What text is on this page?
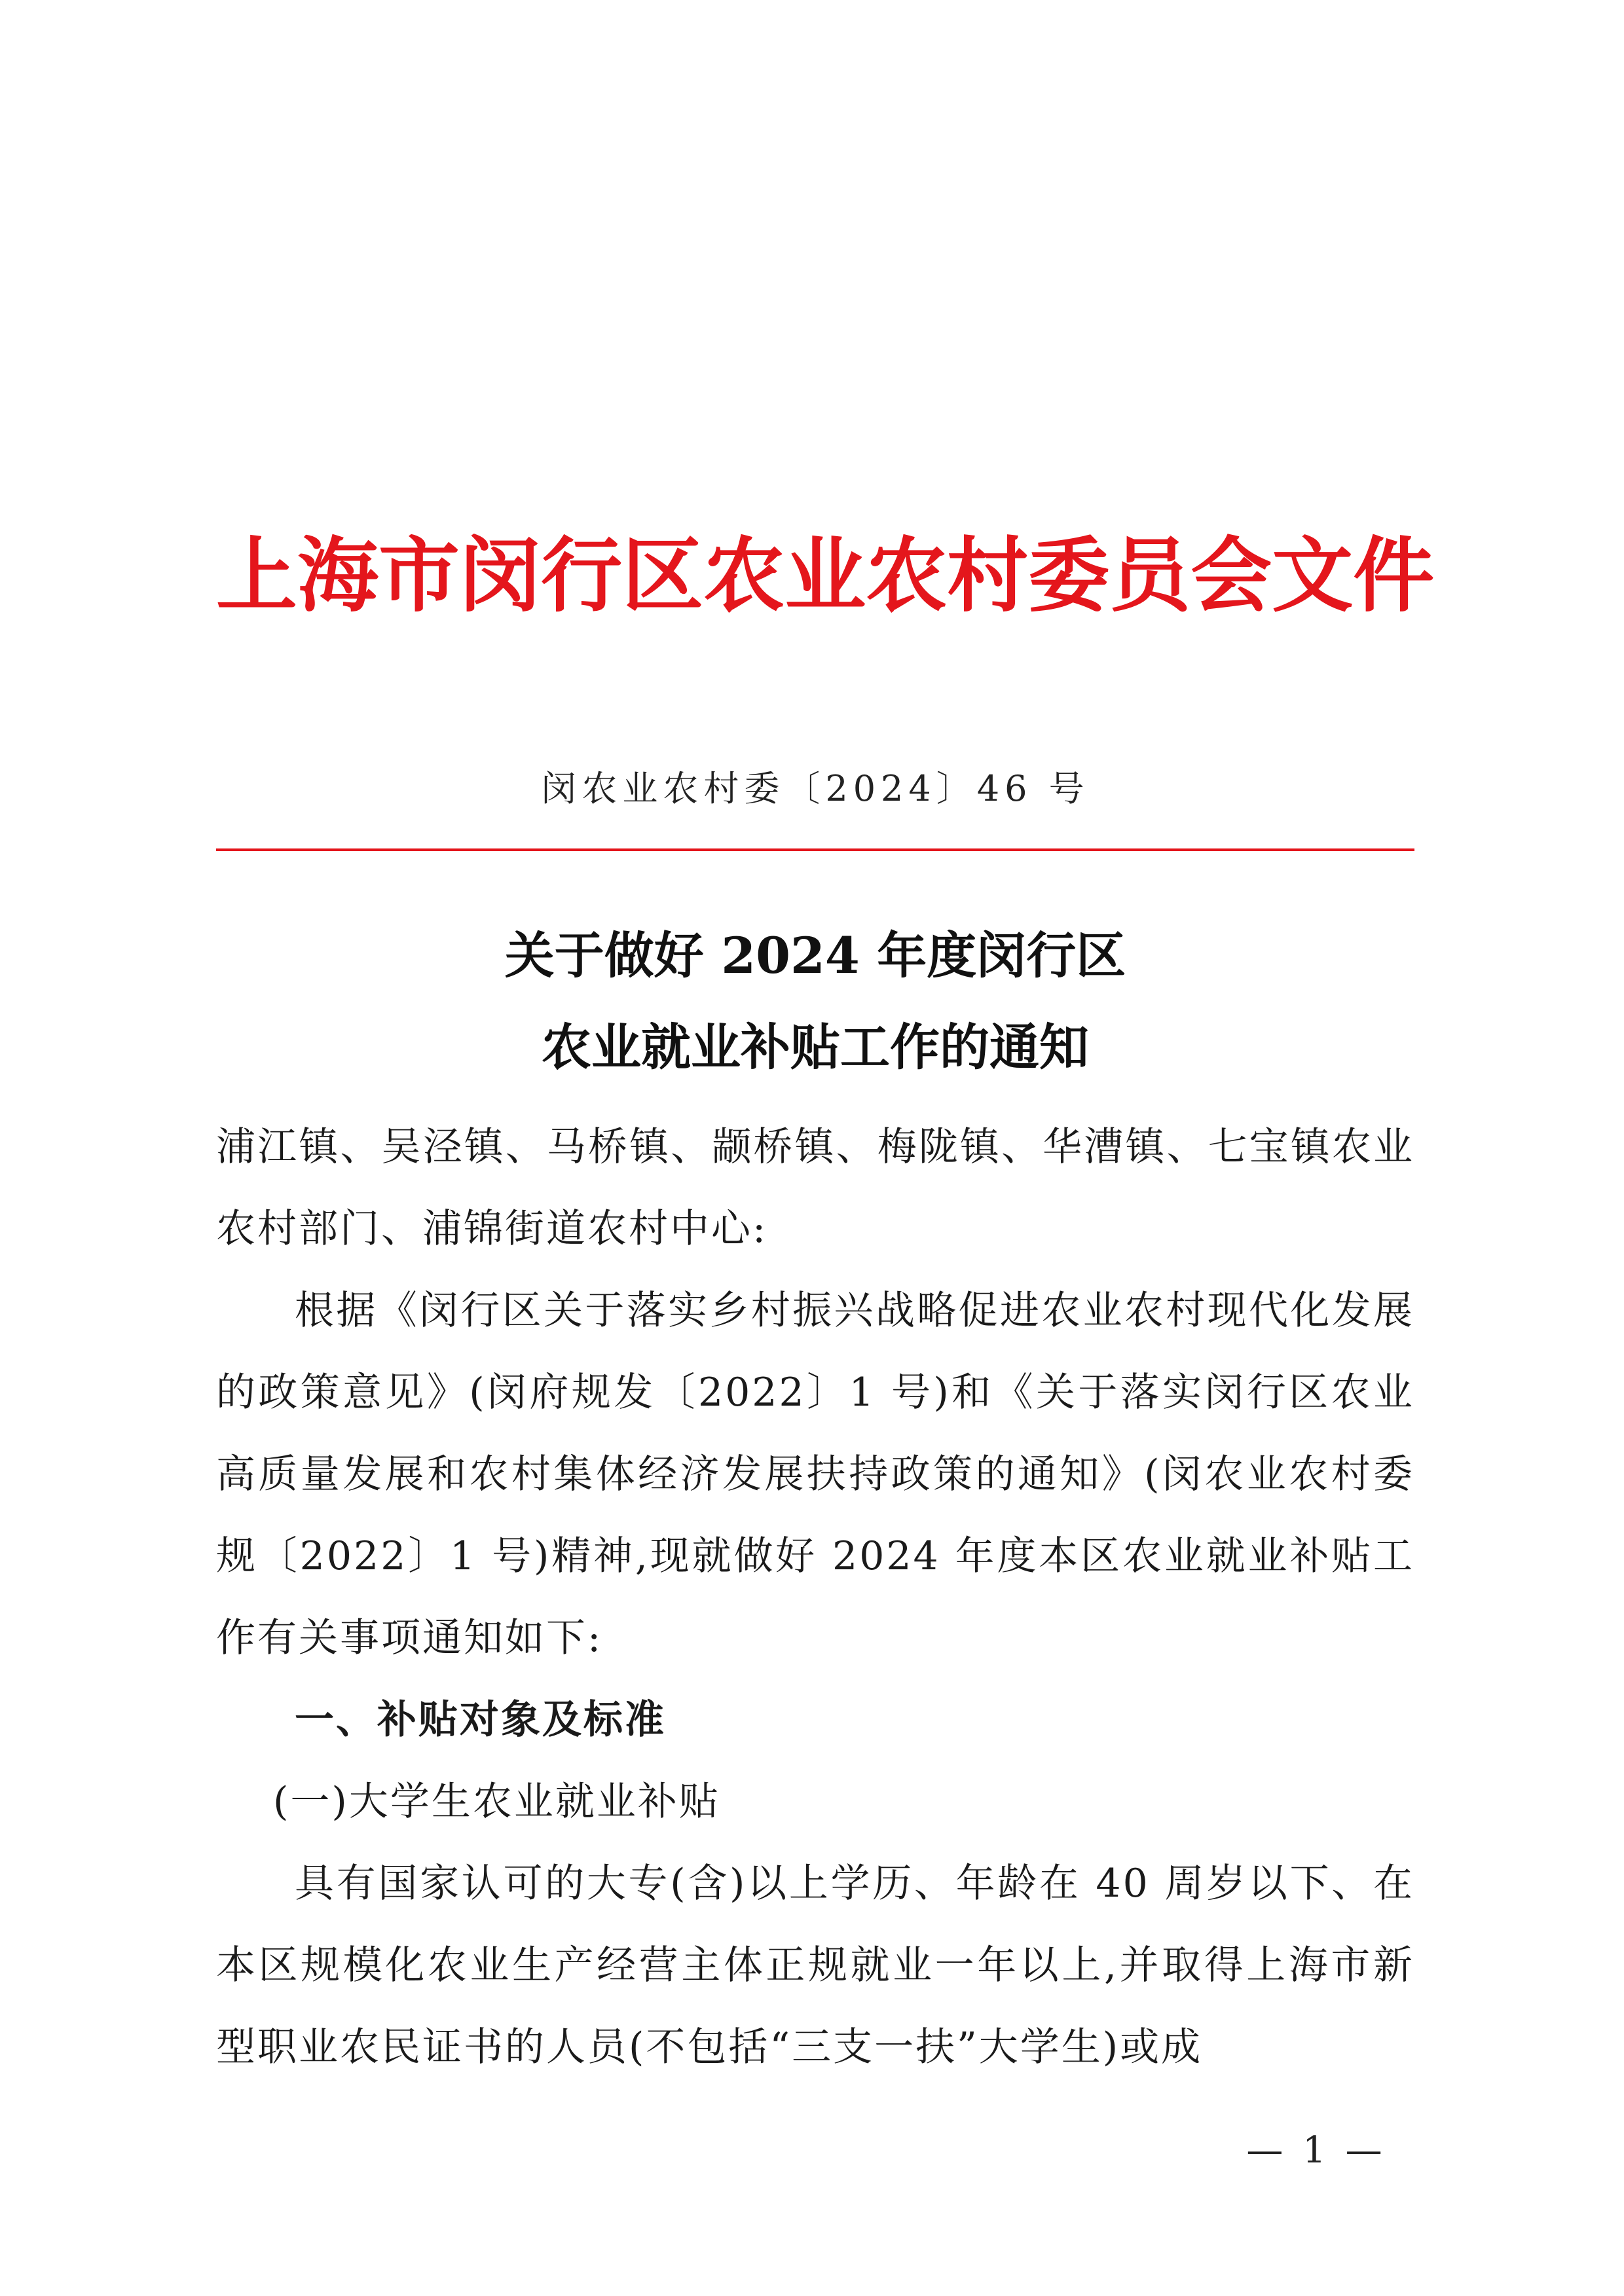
上 海 市 闵 行 区 农 业 农 村 委 员 会 文 件
闵农业农村委〔2024〕46 号
关于做好 2024 年度闵行区
农业就业补贴工作的通知

浦江镇、吴泾镇、马桥镇、颛桥镇、梅陇镇、华漕镇、七宝镇农业农村部门、浦锦街道农村中心:

根据《闵行区关于落实乡村振兴战略促进农业农村现代化发展的政策意见》(闵府规发〔2022〕1 号)和《关于落实闵行区农业高质量发展和农村集体经济发展扶持政策的通知》(闵农业农村委规〔2022〕1 号)精神,现就做好 2024 年度本区农业就业补贴工作有关事项通知如下:

一、补贴对象及标准

(一)大学生农业就业补贴

具有国家认可的大专(含)以上学历、年龄在 40 周岁以下、在本区规模化农业生产经营主体正规就业一年以上,并取得上海市新型职业农民证书的人员(不包括“三支一扶”大学生)或成

— 1 —
